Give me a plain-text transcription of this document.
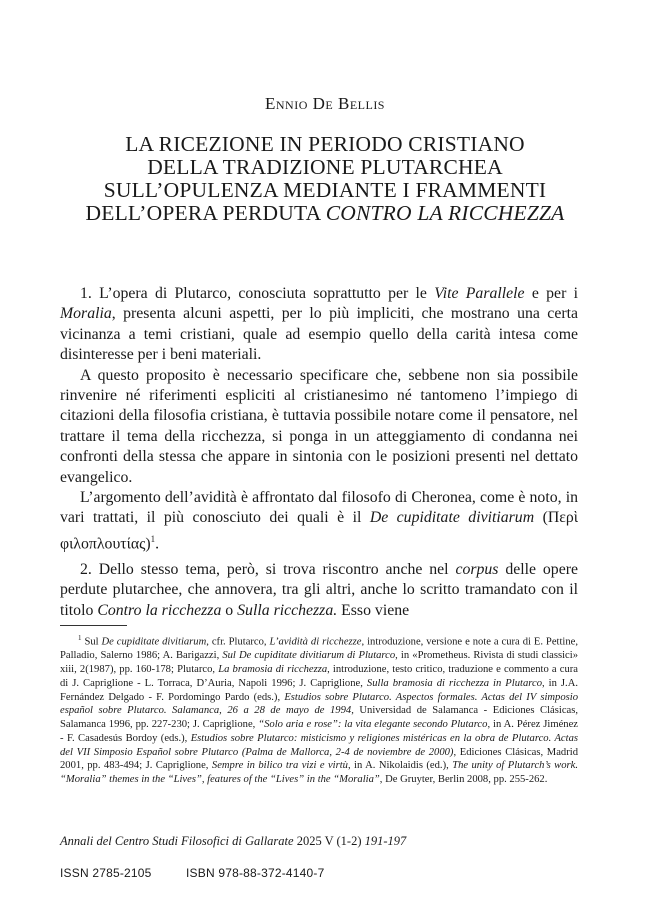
Ennio De Bellis
LA RICEZIONE IN PERIODO CRISTIANO
DELLA TRADIZIONE PLUTARCHEA
SULL’OPULENZA MEDIANTE I FRAMMENTI
DELL’OPERA PERDUTA CONTRO LA RICCHEZZA

1. L’opera di Plutarco, conosciuta soprattutto per le Vite Parallele e per i Moralia, presenta alcuni aspetti, per lo più impliciti, che mostrano una certa vicinanza a temi cristiani, quale ad esempio quello della carità intesa come disinteresse per i beni materiali.

A questo proposito è necessario specificare che, sebbene non sia possibile rinvenire né riferimenti espliciti al cristianesimo né tantomeno l’impiego di citazioni della filosofia cristiana, è tuttavia possibile notare come il pensatore, nel trattare il tema della ricchezza, si ponga in un atteggiamento di condanna nei confronti della stessa che appare in sintonia con le posizioni presenti nel dettato evangelico.

L’argomento dell’avidità è affrontato dal filosofo di Cheronea, come è noto, in vari trattati, il più conosciuto dei quali è il De cupiditate divitiarum (Περὶ φιλοπλουτίας)$^1$.

2. Dello stesso tema, però, si trova riscontro anche nel corpus delle opere perdute plutarchee, che annovera, tra gli altri, anche lo scritto tramandato con il titolo Contro la ricchezza o Sulla ricchezza. Esso viene

$^1$ Sul De cupiditate divitiarum, cfr. Plutarco, L’avidità di ricchezze, introduzione, versione e note a cura di E. Pettine, Palladio, Salerno 1986; A. Barigazzi, Sul De cupiditate divitiarum di Plutarco, in «Prometheus. Rivista di studi classici» xiii, 2(1987), pp. 160-178; Plutarco, La bramosia di ricchezza, introduzione, testo critico, traduzione e commento a cura di J. Capriglione - L. Torraca, D’Auria, Napoli 1996; J. Capriglione, Sulla bramosia di ricchezza in Plutarco, in J.A. Fernández Delgado - F. Pordomingo Pardo (eds.), Estudios sobre Plutarco. Aspectos formales. Actas del IV simposio español sobre Plutarco. Salamanca, 26 a 28 de mayo de 1994, Universidad de Salamanca - Ediciones Clásicas, Salamanca 1996, pp. 227-230; J. Capriglione, “Solo aria e rose”: la vita elegante secondo Plutarco, in A. Pérez Jiménez - F. Casadesús Bordoy (eds.), Estudios sobre Plutarco: misticismo y religiones mistéricas en la obra de Plutarco. Actas del VII Simposio Español sobre Plutarco (Palma de Mallorca, 2-4 de noviembre de 2000), Ediciones Clásicas, Madrid 2001, pp. 483-494; J. Capriglione, Sempre in bilico tra vizi e virtù, in A. Nikolaidis (ed.), The unity of Plutarch’s work. “Moralia” themes in the “Lives”, features of the “Lives” in the “Moralia”, De Gruyter, Berlin 2008, pp. 255-262.

Annali del Centro Studi Filosofici di Gallarate 2025 V (1-2) 191-197
ISSN 2785-2105	ISBN 978-88-372-4140-7
